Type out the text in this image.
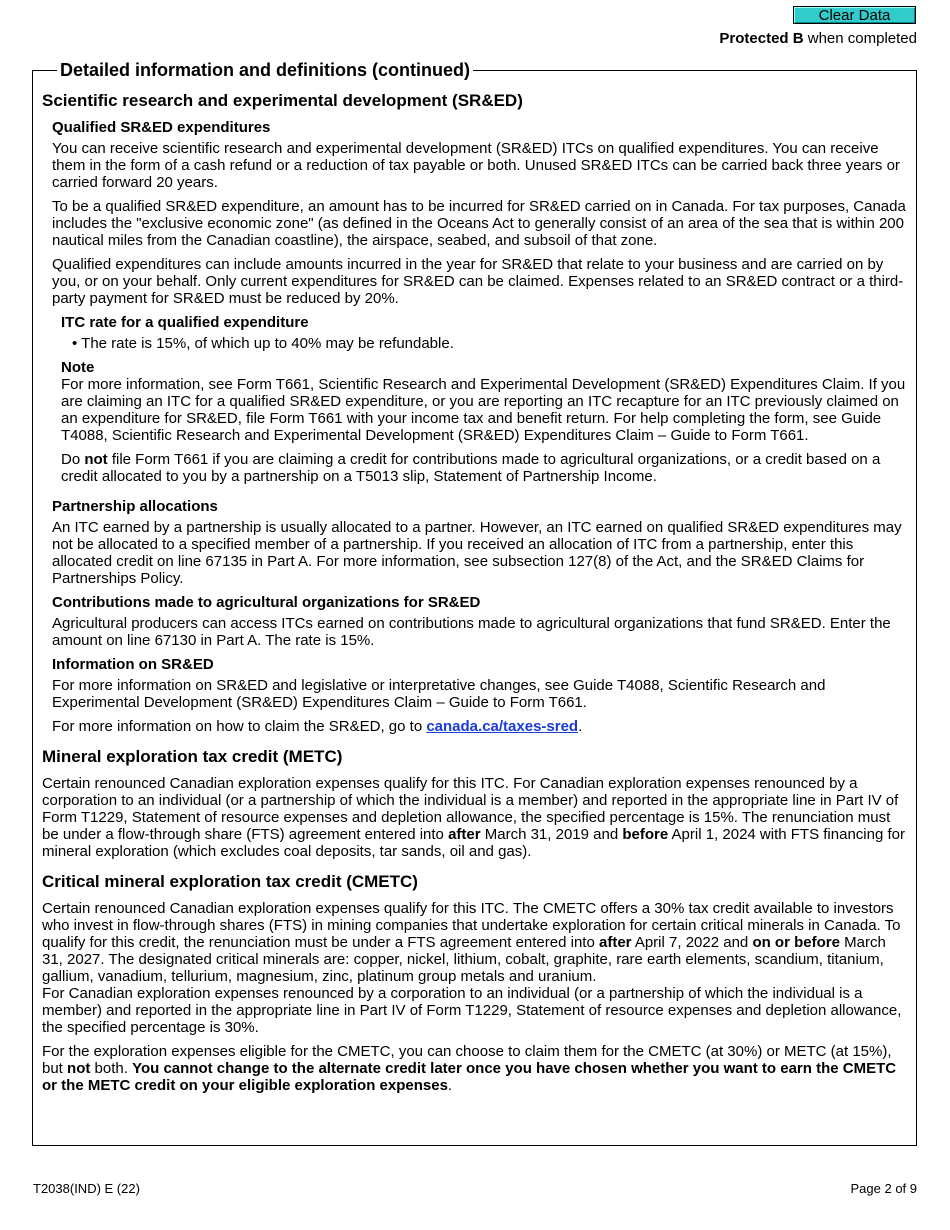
Clear Data
Protected B when completed
Detailed information and definitions (continued)
Scientific research and experimental development (SR&ED)
Qualified SR&ED expenditures

You can receive scientific research and experimental development (SR&ED) ITCs on qualified expenditures. You can receive them in the form of a cash refund or a reduction of tax payable or both. Unused SR&ED ITCs can be carried back three years or carried forward 20 years.

To be a qualified SR&ED expenditure, an amount has to be incurred for SR&ED carried on in Canada. For tax purposes, Canada includes the "exclusive economic zone" (as defined in the Oceans Act to generally consist of an area of the sea that is within 200 nautical miles from the Canadian coastline), the airspace, seabed, and subsoil of that zone.

Qualified expenditures can include amounts incurred in the year for SR&ED that relate to your business and are carried on by you, or on your behalf. Only current expenditures for SR&ED can be claimed. Expenses related to an SR&ED contract or a third-party payment for SR&ED must be reduced by 20%.

ITC rate for a qualified expenditure

• The rate is 15%, of which up to 40% may be refundable.

Note

For more information, see Form T661, Scientific Research and Experimental Development (SR&ED) Expenditures Claim. If you are claiming an ITC for a qualified SR&ED expenditure, or you are reporting an ITC recapture for an ITC previously claimed on an expenditure for SR&ED, file Form T661 with your income tax and benefit return. For help completing the form, see Guide T4088, Scientific Research and Experimental Development (SR&ED) Expenditures Claim – Guide to Form T661.

Do not file Form T661 if you are claiming a credit for contributions made to agricultural organizations, or a credit based on a credit allocated to you by a partnership on a T5013 slip, Statement of Partnership Income.

Partnership allocations

An ITC earned by a partnership is usually allocated to a partner. However, an ITC earned on qualified SR&ED expenditures may not be allocated to a specified member of a partnership. If you received an allocation of ITC from a partnership, enter this allocated credit on line 67135 in Part A. For more information, see subsection 127(8) of the Act, and the SR&ED Claims for Partnerships Policy.

Contributions made to agricultural organizations for SR&ED

Agricultural producers can access ITCs earned on contributions made to agricultural organizations that fund SR&ED. Enter the amount on line 67130 in Part A. The rate is 15%.

Information on SR&ED

For more information on SR&ED and legislative or interpretative changes, see Guide T4088, Scientific Research and Experimental Development (SR&ED) Expenditures Claim – Guide to Form T661.

For more information on how to claim the SR&ED, go to canada.ca/taxes-sred.

Mineral exploration tax credit (METC)

Certain renounced Canadian exploration expenses qualify for this ITC. For Canadian exploration expenses renounced by a corporation to an individual (or a partnership of which the individual is a member) and reported in the appropriate line in Part IV of Form T1229, Statement of resource expenses and depletion allowance, the specified percentage is 15%. The renunciation must be under a flow-through share (FTS) agreement entered into after March 31, 2019 and before April 1, 2024 with FTS financing for mineral exploration (which excludes coal deposits, tar sands, oil and gas).

Critical mineral exploration tax credit (CMETC)

Certain renounced Canadian exploration expenses qualify for this ITC. The CMETC offers a 30% tax credit available to investors who invest in flow-through shares (FTS) in mining companies that undertake exploration for certain critical minerals in Canada. To qualify for this credit, the renunciation must be under a FTS agreement entered into after April 7, 2022 and on or before March 31, 2027. The designated critical minerals are: copper, nickel, lithium, cobalt, graphite, rare earth elements, scandium, titanium, gallium, vanadium, tellurium, magnesium, zinc, platinum group metals and uranium.

For Canadian exploration expenses renounced by a corporation to an individual (or a partnership of which the individual is a member) and reported in the appropriate line in Part IV of Form T1229, Statement of resource expenses and depletion allowance, the specified percentage is 30%.

For the exploration expenses eligible for the CMETC, you can choose to claim them for the CMETC (at 30%) or METC (at 15%), but not both. You cannot change to the alternate credit later once you have chosen whether you want to earn the CMETC or the METC credit on your eligible exploration expenses.

T2038(IND) E (22)	Page 2 of 9
